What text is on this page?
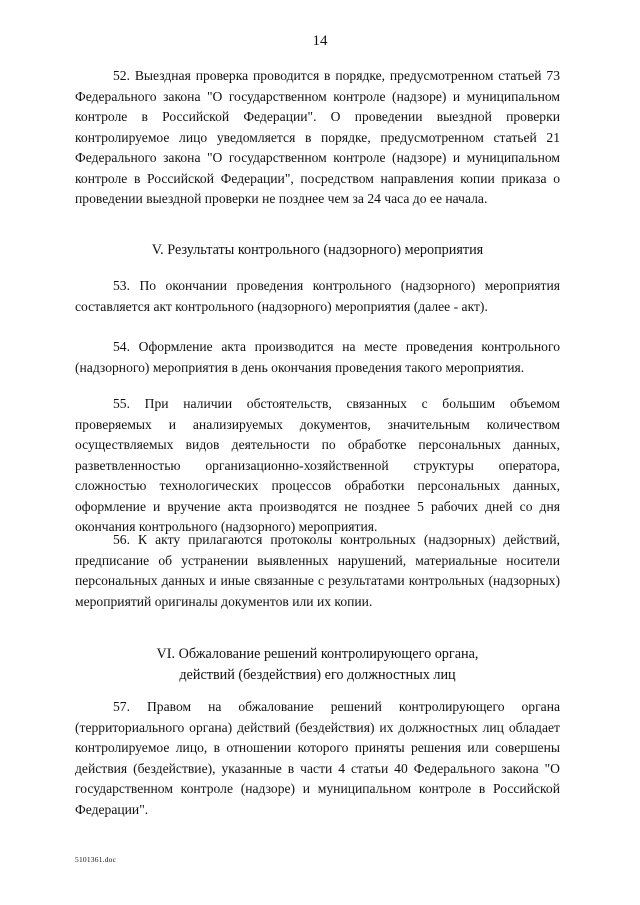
14

52. Выездная проверка проводится в порядке, предусмотренном статьей 73 Федерального закона "О государственном контроле (надзоре) и муниципальном контроле в Российской Федерации". О проведении выездной проверки контролируемое лицо уведомляется в порядке, предусмотренном статьей 21 Федерального закона "О государственном контроле (надзоре) и муниципальном контроле в Российской Федерации", посредством направления копии приказа о проведении выездной проверки не позднее чем за 24 часа до ее начала.

V. Результаты контрольного (надзорного) мероприятия

53. По окончании проведения контрольного (надзорного) мероприятия составляется акт контрольного (надзорного) мероприятия (далее - акт).

54. Оформление акта производится на месте проведения контрольного (надзорного) мероприятия в день окончания проведения такого мероприятия.

55. При наличии обстоятельств, связанных с большим объемом проверяемых и анализируемых документов, значительным количеством осуществляемых видов деятельности по обработке персональных данных, разветвленностью организационно-хозяйственной структуры оператора, сложностью технологических процессов обработки персональных данных, оформление и вручение акта производятся не позднее 5 рабочих дней со дня окончания контрольного (надзорного) мероприятия.

56. К акту прилагаются протоколы контрольных (надзорных) действий, предписание об устранении выявленных нарушений, материальные носители персональных данных и иные связанные с результатами контрольных (надзорных) мероприятий оригиналы документов или их копии.

VI. Обжалование решений контролирующего органа,

действий (бездействия) его должностных лиц

57. Правом на обжалование решений контролирующего органа (территориального органа) действий (бездействия) их должностных лиц обладает контролируемое лицо, в отношении которого приняты решения или совершены действия (бездействие), указанные в части 4 статьи 40 Федерального закона "О государственном контроле (надзоре) и муниципальном контроле в Российской Федерации".

5101361.doc
